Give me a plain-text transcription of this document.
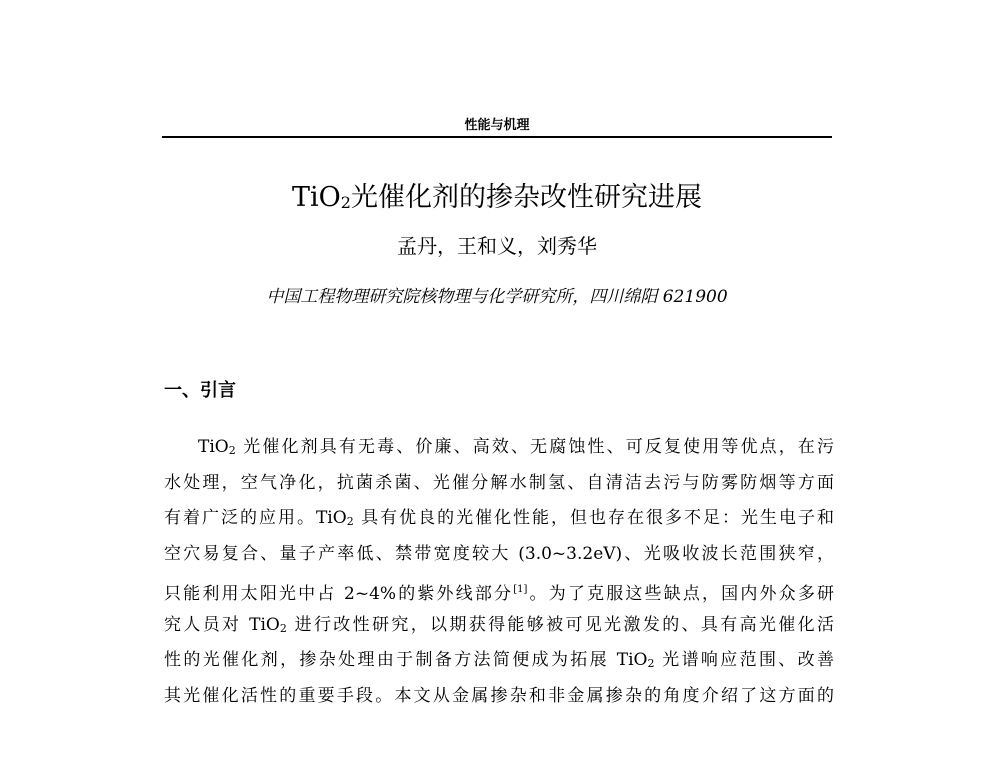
性能与机理
TiO$_2$光催化剂的掺杂改性研究进展
孟丹，王和义，刘秀华
中国工程物理研究院核物理与化学研究所，四川绵阳 621900
一、引言
TiO$_2$ 光催化剂具有无毒、价廉、高效、无腐蚀性、可反复使用等优点，在污
水处理，空气净化，抗菌杀菌、光催分解水制氢、自清洁去污与防雾防烟等方面
有着广泛的应用。TiO$_2$ 具有优良的光催化性能，但也存在很多不足：光生电子和
空穴易复合、量子产率低、禁带宽度较大 (3.0~3.2eV)、光吸收波长范围狭窄，
只能利用太阳光中占 2~4%的紫外线部分[1]。为了克服这些缺点，国内外众多研
究人员对 TiO$_2$ 进行改性研究，以期获得能够被可见光激发的、具有高光催化活
性的光催化剂，掺杂处理由于制备方法简便成为拓展 TiO$_2$ 光谱响应范围、改善
其光催化活性的重要手段。本文从金属掺杂和非金属掺杂的角度介绍了这方面的
